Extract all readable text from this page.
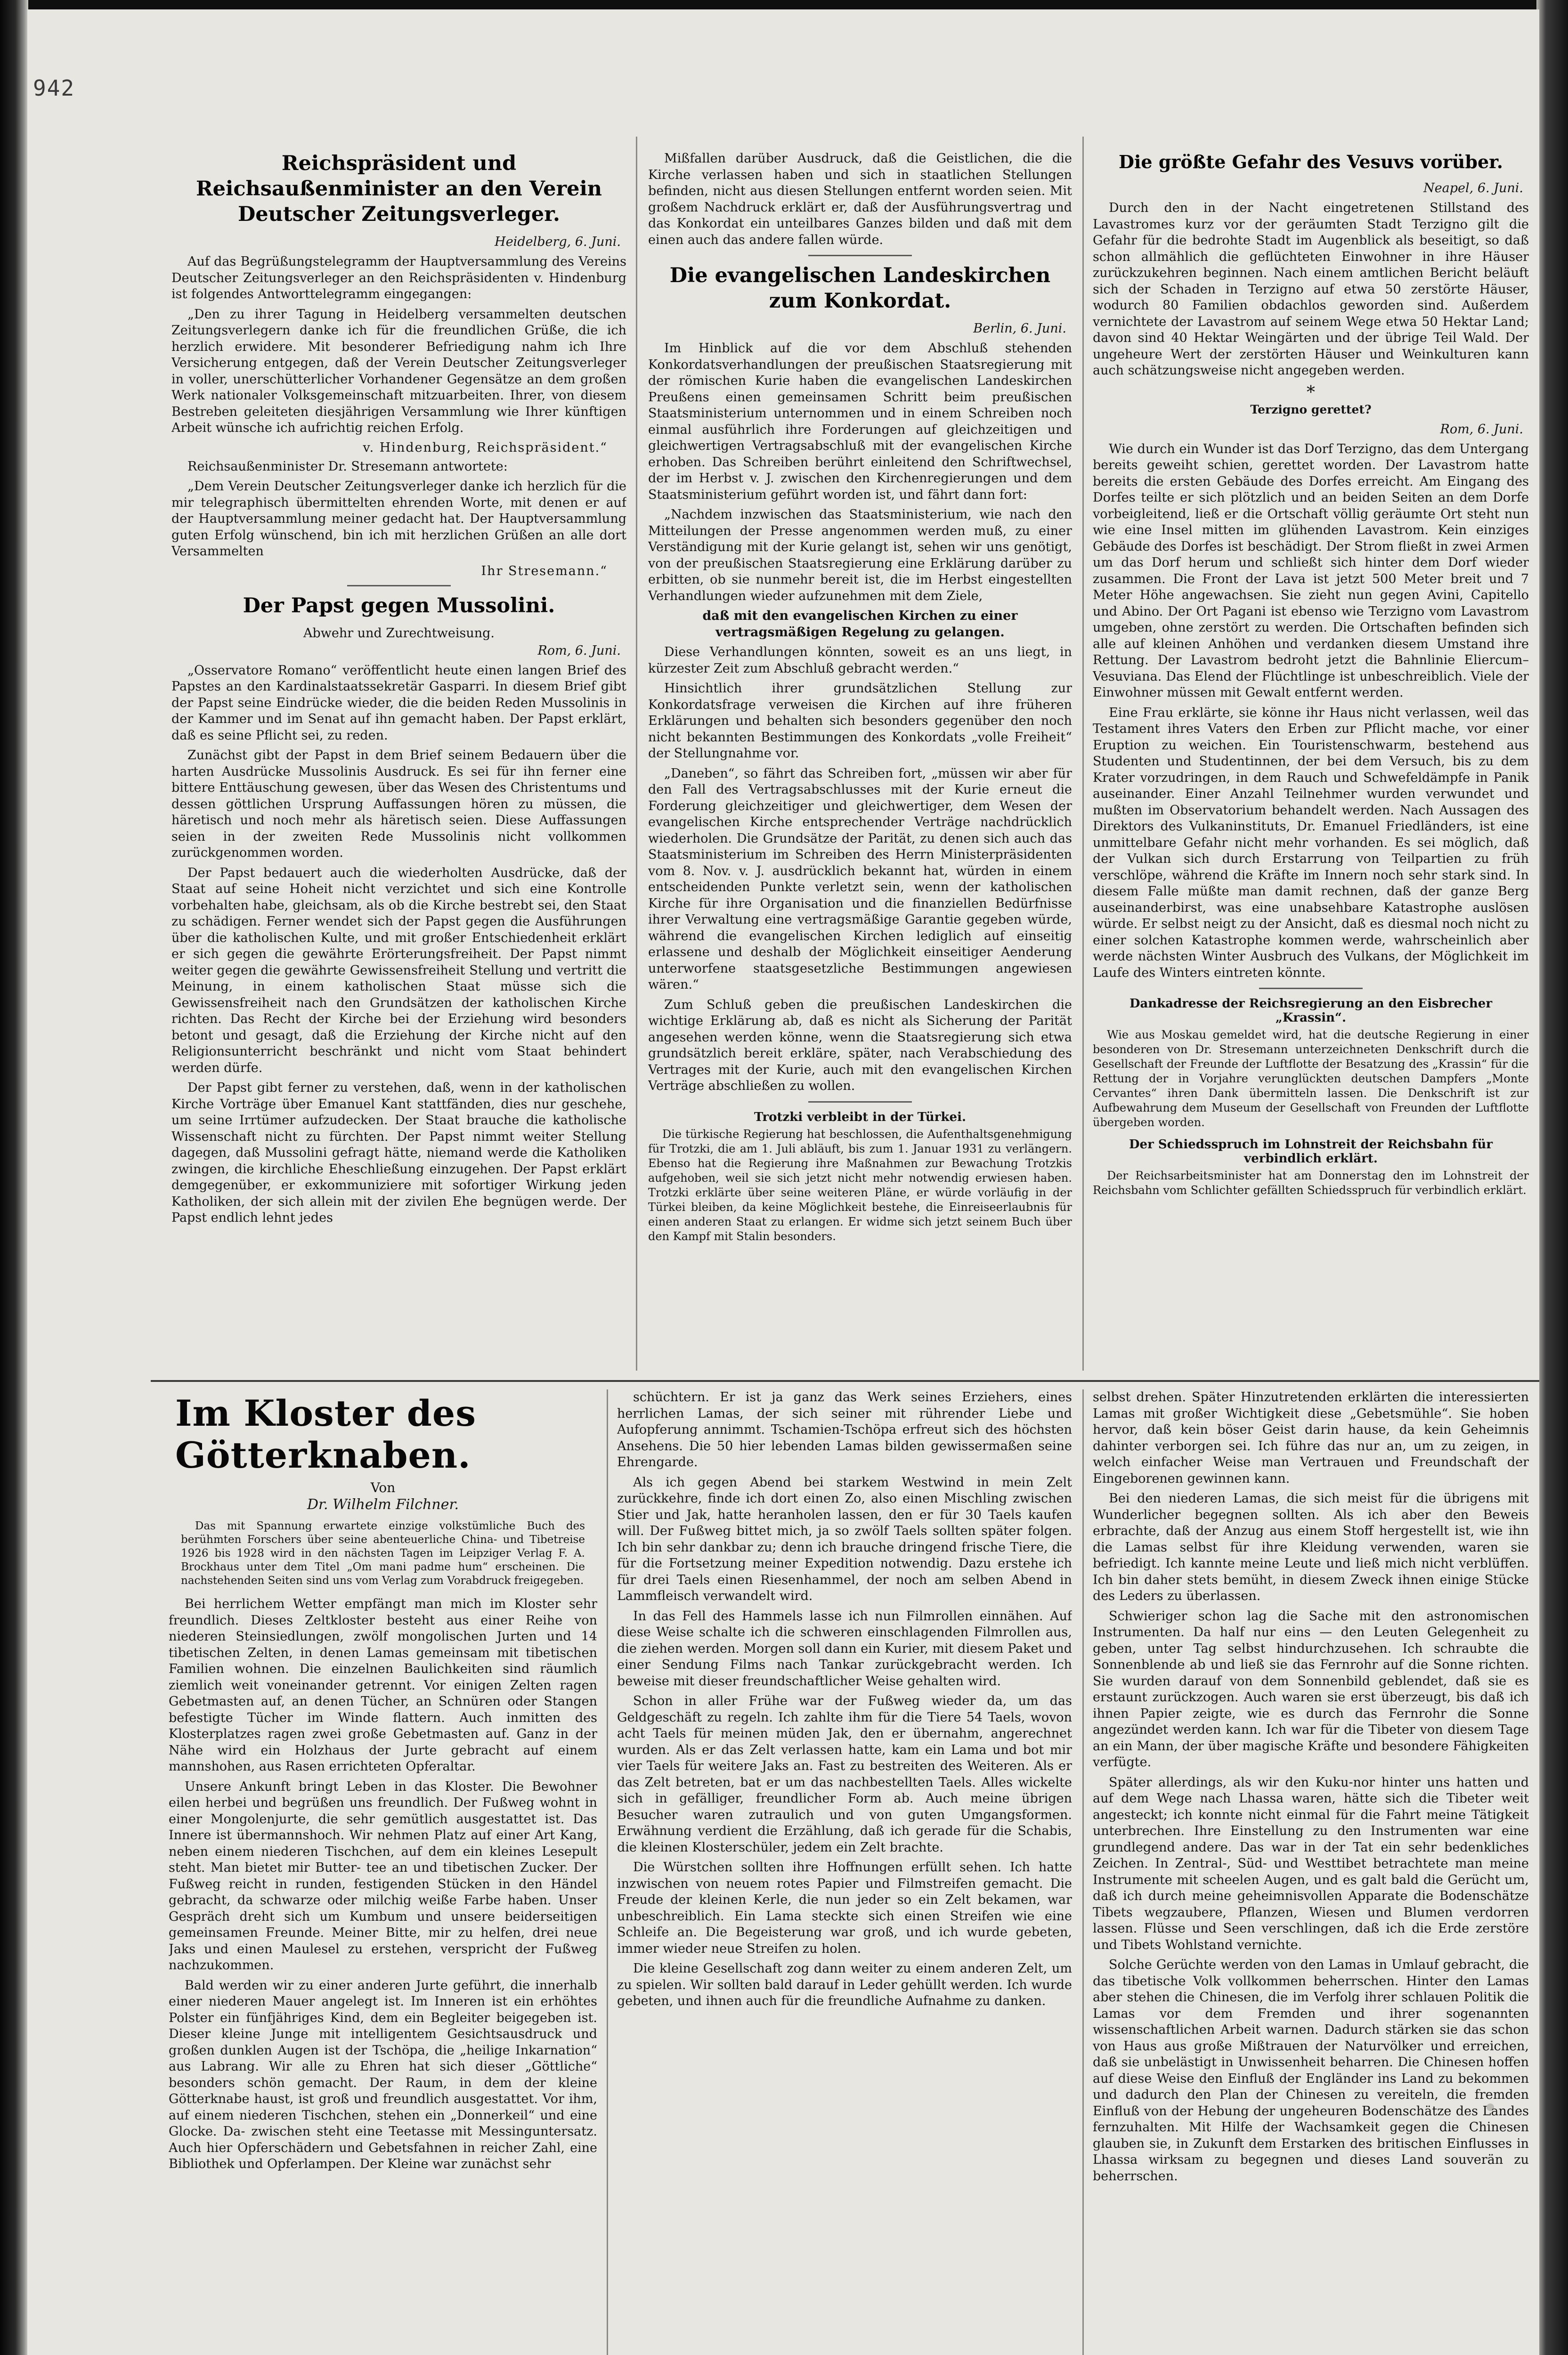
942
Reichspräsident und Reichsaußenminister an den Verein Deutscher Zeitungsverleger.
Heidelberg, 6. Juni.

Auf das Begrüßungstelegramm der Hauptversammlung des Vereins Deutscher Zeitungsverleger an den Reichspräsidenten v. Hindenburg ist folgendes Antworttelegramm eingegangen:

„Den zu ihrer Tagung in Heidelberg versammelten deutschen Zeitungsverlegern danke ich für die freundlichen Grüße, die ich herzlich erwidere. Mit besonderer Befriedigung nahm ich Ihre Versicherung entgegen, daß der Verein Deutscher Zeitungsverleger in voller, unerschütterlicher Vorhandener Gegensätze an dem großen Werk nationaler Volksgemeinschaft mitzuarbeiten. Ihrer, von diesem Bestreben geleiteten diesjährigen Versammlung wie Ihrer künftigen Arbeit wünsche ich aufrichtig reichen Erfolg.

v. Hindenburg, Reichspräsident.“

Reichsaußenminister Dr. Stresemann antwortete:

„Dem Verein Deutscher Zeitungsverleger danke ich herzlich für die mir telegraphisch übermittelten ehrenden Worte, mit denen er auf der Hauptversammlung meiner gedacht hat. Der Hauptversammlung guten Erfolg wünschend, bin ich mit herzlichen Grüßen an alle dort Versammelten

Ihr Stresemann.“
Der Papst gegen Mussolini.
Abwehr und Zurechtweisung.
Rom, 6. Juni.

„Osservatore Romano“ veröffentlicht heute einen langen Brief des Papstes an den Kardinalstaatssekretär Gasparri. In diesem Brief gibt der Papst seine Eindrücke wieder, die die beiden Reden Mussolinis in der Kammer und im Senat auf ihn gemacht haben. Der Papst erklärt, daß es seine Pflicht sei, zu reden.

Zunächst gibt der Papst in dem Brief seinem Bedauern über die harten Ausdrücke Mussolinis Ausdruck. Es sei für ihn ferner eine bittere Enttäuschung gewesen, über das Wesen des Christentums und dessen göttlichen Ursprung Auffassungen hören zu müssen, die häretisch und noch mehr als häretisch seien. Diese Auffassungen seien in der zweiten Rede Mussolinis nicht vollkommen zurückgenommen worden.

Der Papst bedauert auch die wiederholten Ausdrücke, daß der Staat auf seine Hoheit nicht verzichtet und sich eine Kontrolle vorbehalten habe, gleichsam, als ob die Kirche bestrebt sei, den Staat zu schädigen. Ferner wendet sich der Papst gegen die Ausführungen über die katholischen Kulte, und mit großer Entschiedenheit erklärt er sich gegen die gewährte Erörterungsfreiheit. Der Papst nimmt weiter gegen die gewährte Gewissensfreiheit Stellung und vertritt die Meinung, in einem katholischen Staat müsse sich die Gewissensfreiheit nach den Grundsätzen der katholischen Kirche richten. Das Recht der Kirche bei der Erziehung wird besonders betont und gesagt, daß die Erziehung der Kirche nicht auf den Religionsunterricht beschränkt und nicht vom Staat behindert werden dürfe.

Der Papst gibt ferner zu verstehen, daß, wenn in der katholischen Kirche Vorträge über Emanuel Kant stattfänden, dies nur geschehe, um seine Irrtümer aufzudecken. Der Staat brauche die katholische Wissenschaft nicht zu fürchten. Der Papst nimmt weiter Stellung dagegen, daß Mussolini gefragt hätte, niemand werde die Katholiken zwingen, die kirchliche Eheschließung einzugehen. Der Papst erklärt demgegenüber, er exkommuniziere mit sofortiger Wirkung jeden Katholiken, der sich allein mit der zivilen Ehe begnügen werde. Der Papst endlich lehnt jedes

Mißfallen darüber Ausdruck, daß die Geistlichen, die die Kirche verlassen haben und sich in staatlichen Stellungen befinden, nicht aus diesen Stellungen entfernt worden seien. Mit großem Nachdruck erklärt er, daß der Ausführungsvertrag und das Konkordat ein unteilbares Ganzes bilden und daß mit dem einen auch das andere fallen würde.

Die evangelischen Landeskirchen zum Konkordat.
Berlin, 6. Juni.

Im Hinblick auf die vor dem Abschluß stehenden Konkordatsverhandlungen der preußischen Staatsregierung mit der römischen Kurie haben die evangelischen Landeskirchen Preußens einen gemeinsamen Schritt beim preußischen Staatsministerium unternommen und in einem Schreiben noch einmal ausführlich ihre Forderungen auf gleichzeitigen und gleichwertigen Vertragsabschluß mit der evangelischen Kirche erhoben. Das Schreiben berührt einleitend den Schriftwechsel, der im Herbst v. J. zwischen den Kirchenregierungen und dem Staatsministerium geführt worden ist, und fährt dann fort:

„Nachdem inzwischen das Staatsministerium, wie nach den Mitteilungen der Presse angenommen werden muß, zu einer Verständigung mit der Kurie gelangt ist, sehen wir uns genötigt, von der preußischen Staatsregierung eine Erklärung darüber zu erbitten, ob sie nunmehr bereit ist, die im Herbst eingestellten Verhandlungen wieder aufzunehmen mit dem Ziele,

daß mit den evangelischen Kirchen zu einer vertragsmäßigen Regelung zu gelangen.

Diese Verhandlungen könnten, soweit es an uns liegt, in kürzester Zeit zum Abschluß gebracht werden.“

Hinsichtlich ihrer grundsätzlichen Stellung zur Konkordatsfrage verweisen die Kirchen auf ihre früheren Erklärungen und behalten sich besonders gegenüber den noch nicht bekannten Bestimmungen des Konkordats „volle Freiheit“ der Stellungnahme vor.

„Daneben“, so fährt das Schreiben fort, „müssen wir aber für den Fall des Vertragsabschlusses mit der Kurie erneut die Forderung gleichzeitiger und gleichwertiger, dem Wesen der evangelischen Kirche entsprechender Verträge nachdrücklich wiederholen. Die Grundsätze der Parität, zu denen sich auch das Staatsministerium im Schreiben des Herrn Ministerpräsidenten vom 8. Nov. v. J. ausdrücklich bekannt hat, würden in einem entscheidenden Punkte verletzt sein, wenn der katholischen Kirche für ihre Organisation und die finanziellen Bedürfnisse ihrer Verwaltung eine vertragsmäßige Garantie gegeben würde, während die evangelischen Kirchen lediglich auf einseitig erlassene und deshalb der Möglichkeit einseitiger Aenderung unterworfene staatsgesetzliche Bestimmungen angewiesen wären.“

Zum Schluß geben die preußischen Landeskirchen die wichtige Erklärung ab, daß es nicht als Sicherung der Parität angesehen werden könne, wenn die Staatsregierung sich etwa grundsätzlich bereit erkläre, später, nach Verabschiedung des Vertrages mit der Kurie, auch mit den evangelischen Kirchen Verträge abschließen zu wollen.

Trotzki verbleibt in der Türkei.

Die türkische Regierung hat beschlossen, die Aufenthaltsgenehmigung für Trotzki, die am 1. Juli abläuft, bis zum 1. Januar 1931 zu verlängern. Ebenso hat die Regierung ihre Maßnahmen zur Bewachung Trotzkis aufgehoben, weil sie sich jetzt nicht mehr notwendig erwiesen haben. Trotzki erklärte über seine weiteren Pläne, er würde vorläufig in der Türkei bleiben, da keine Möglichkeit bestehe, die Einreiseerlaubnis für einen anderen Staat zu erlangen. Er widme sich jetzt seinem Buch über den Kampf mit Stalin besonders.

Die größte Gefahr des Vesuvs vorüber.
Neapel, 6. Juni.

Durch den in der Nacht eingetretenen Stillstand des Lavastromes kurz vor der geräumten Stadt Terzigno gilt die Gefahr für die bedrohte Stadt im Augenblick als beseitigt, so daß schon allmählich die geflüchteten Einwohner in ihre Häuser zurückzukehren beginnen. Nach einem amtlichen Bericht beläuft sich der Schaden in Terzigno auf etwa 50 zerstörte Häuser, wodurch 80 Familien obdachlos geworden sind. Außerdem vernichtete der Lavastrom auf seinem Wege etwa 50 Hektar Land; davon sind 40 Hektar Weingärten und der übrige Teil Wald. Der ungeheure Wert der zerstörten Häuser und Weinkulturen kann auch schätzungsweise nicht angegeben werden.

*
Terzigno gerettet?
Rom, 6. Juni.

Wie durch ein Wunder ist das Dorf Terzigno, das dem Untergang bereits geweiht schien, gerettet worden. Der Lavastrom hatte bereits die ersten Gebäude des Dorfes erreicht. Am Eingang des Dorfes teilte er sich plötzlich und an beiden Seiten an dem Dorfe vorbeigleitend, ließ er die Ortschaft völlig geräumte Ort steht nun wie eine Insel mitten im glühenden Lavastrom. Kein einziges Gebäude des Dorfes ist beschädigt. Der Strom fließt in zwei Armen um das Dorf herum und schließt sich hinter dem Dorf wieder zusammen. Die Front der Lava ist jetzt 500 Meter breit und 7 Meter Höhe angewachsen. Sie zieht nun gegen Avini, Capitello und Abino. Der Ort Pagani ist ebenso wie Terzigno vom Lavastrom umgeben, ohne zerstört zu werden. Die Ortschaften befinden sich alle auf kleinen Anhöhen und verdanken diesem Umstand ihre Rettung. Der Lavastrom bedroht jetzt die Bahnlinie Eliercum–Vesuviana. Das Elend der Flüchtlinge ist unbeschreiblich. Viele der Einwohner müssen mit Gewalt entfernt werden.

Eine Frau erklärte, sie könne ihr Haus nicht verlassen, weil das Testament ihres Vaters den Erben zur Pflicht mache, vor einer Eruption zu weichen. Ein Touristenschwarm, bestehend aus Studenten und Studentinnen, der bei dem Versuch, bis zu dem Krater vorzudringen, in dem Rauch und Schwefeldämpfe in Panik auseinander. Einer Anzahl Teilnehmer wurden verwundet und mußten im Observatorium behandelt werden. Nach Aussagen des Direktors des Vulkaninstituts, Dr. Emanuel Friedländers, ist eine unmittelbare Gefahr nicht mehr vorhanden. Es sei möglich, daß der Vulkan sich durch Erstarrung von Teilpartien zu früh verschlöpe, während die Kräfte im Innern noch sehr stark sind. In diesem Falle müßte man damit rechnen, daß der ganze Berg auseinanderbirst, was eine unabsehbare Katastrophe auslösen würde. Er selbst neigt zu der Ansicht, daß es diesmal noch nicht zu einer solchen Katastrophe kommen werde, wahrscheinlich aber werde nächsten Winter Ausbruch des Vulkans, der Möglichkeit im Laufe des Winters eintreten könnte.

Dankadresse der Reichsregierung an den Eisbrecher „Krassin“.

Wie aus Moskau gemeldet wird, hat die deutsche Regierung in einer besonderen von Dr. Stresemann unterzeichneten Denkschrift durch die Gesellschaft der Freunde der Luftflotte der Besatzung des „Krassin“ für die Rettung der in Vorjahre verunglückten deutschen Dampfers „Monte Cervantes“ ihren Dank übermitteln lassen. Die Denkschrift ist zur Aufbewahrung dem Museum der Gesellschaft von Freunden der Luftflotte übergeben worden.

Der Schiedsspruch im Lohnstreit der Reichsbahn für verbindlich erklärt.

Der Reichsarbeitsminister hat am Donnerstag den im Lohnstreit der Reichsbahn vom Schlichter gefällten Schiedsspruch für verbindlich erklärt.

Im Kloster des Götterknaben.
Von
Dr. Wilhelm Filchner.

Das mit Spannung erwartete einzige volkstümliche Buch des berühmten Forschers über seine abenteuerliche China- und Tibetreise 1926 bis 1928 wird in den nächsten Tagen im Leipziger Verlag F. A. Brockhaus unter dem Titel „Om mani padme hum“ erscheinen. Die nachstehenden Seiten sind uns vom Verlag zum Vorabdruck freigegeben.

Bei herrlichem Wetter empfängt man mich im Kloster sehr freundlich. Dieses Zeltkloster besteht aus einer Reihe von niederen Steinsiedlungen, zwölf mongolischen Jurten und 14 tibetischen Zelten, in denen Lamas gemeinsam mit tibetischen Familien wohnen. Die einzelnen Baulichkeiten sind räumlich ziemlich weit voneinander getrennt. Vor einigen Zelten ragen Gebetmasten auf, an denen Tücher, an Schnüren oder Stangen befestigte Tücher im Winde flattern. Auch inmitten des Klosterplatzes ragen zwei große Gebetmasten auf. Ganz in der Nähe wird ein Holzhaus der Jurte gebracht auf einem mannshohen, aus Rasen errichteten Opferaltar.

Unsere Ankunft bringt Leben in das Kloster. Die Bewohner eilen herbei und begrüßen uns freundlich. Der Fußweg wohnt in einer Mongolenjurte, die sehr gemütlich ausgestattet ist. Das Innere ist übermannshoch. Wir nehmen Platz auf einer Art Kang, neben einem niederen Tischchen, auf dem ein kleines Lesepult steht. Man bietet mir Butter- tee an und tibetischen Zucker. Der Fußweg reicht in runden, festigenden Stücken in den Händel gebracht, da schwarze oder milchig weiße Farbe haben. Unser Gespräch dreht sich um Kumbum und unsere beiderseitigen gemeinsamen Freunde. Meiner Bitte, mir zu helfen, drei neue Jaks und einen Maulesel zu erstehen, verspricht der Fußweg nachzukommen.

Bald werden wir zu einer anderen Jurte geführt, die innerhalb einer niederen Mauer angelegt ist. Im Inneren ist ein erhöhtes Polster ein fünfjähriges Kind, dem ein Begleiter beigegeben ist. Dieser kleine Junge mit intelligentem Gesichtsausdruck und großen dunklen Augen ist der Tschöpa, die „heilige Inkarnation“ aus Labrang. Wir alle zu Ehren hat sich dieser „Göttliche“ besonders schön gemacht. Der Raum, in dem der kleine Götterknabe haust, ist groß und freundlich ausgestattet. Vor ihm, auf einem niederen Tischchen, stehen ein „Donnerkeil“ und eine Glocke. Da- zwischen steht eine Teetasse mit Messinguntersatz. Auch hier Opferschädern und Gebetsfahnen in reicher Zahl, eine Bibliothek und Opferlampen. Der Kleine war zunächst sehr

schüchtern. Er ist ja ganz das Werk seines Erziehers, eines herrlichen Lamas, der sich seiner mit rührender Liebe und Aufopferung annimmt. Tschamien-Tschöpa erfreut sich des höchsten Ansehens. Die 50 hier lebenden Lamas bilden gewissermaßen seine Ehrengarde.

Als ich gegen Abend bei starkem Westwind in mein Zelt zurückkehre, finde ich dort einen Zo, also einen Mischling zwischen Stier und Jak, hatte heranholen lassen, den er für 30 Taels kaufen will. Der Fußweg bittet mich, ja so zwölf Taels sollten später folgen. Ich bin sehr dankbar zu; denn ich brauche dringend frische Tiere, die für die Fortsetzung meiner Expedition notwendig. Dazu erstehe ich für drei Taels einen Riesenhammel, der noch am selben Abend in Lammfleisch verwandelt wird.

In das Fell des Hammels lasse ich nun Filmrollen einnähen. Auf diese Weise schalte ich die schweren einschlagenden Filmrollen aus, die ziehen werden. Morgen soll dann ein Kurier, mit diesem Paket und einer Sendung Films nach Tankar zurückgebracht werden. Ich beweise mit dieser freundschaftlicher Weise gehalten wird.

Schon in aller Frühe war der Fußweg wieder da, um das Geldgeschäft zu regeln. Ich zahlte ihm für die Tiere 54 Taels, wovon acht Taels für meinen müden Jak, den er übernahm, angerechnet wurden. Als er das Zelt verlassen hatte, kam ein Lama und bot mir vier Taels für weitere Jaks an. Fast zu bestreiten des Weiteren. Als er das Zelt betreten, bat er um das nachbestellten Taels. Alles wickelte sich in gefälliger, freundlicher Form ab. Auch meine übrigen Besucher waren zutraulich und von guten Umgangsformen. Erwähnung verdient die Erzählung, daß ich gerade für die Schabis, die kleinen Klosterschüler, jedem ein Zelt brachte.

Die Würstchen sollten ihre Hoffnungen erfüllt sehen. Ich hatte inzwischen von neuem rotes Papier und Filmstreifen gemacht. Die Freude der kleinen Kerle, die nun jeder so ein Zelt bekamen, war unbeschreiblich. Ein Lama steckte sich einen Streifen wie eine Schleife an. Die Begeisterung war groß, und ich wurde gebeten, immer wieder neue Streifen zu holen.

Die kleine Gesellschaft zog dann weiter zu einem anderen Zelt, um zu spielen. Wir sollten bald darauf in Leder gehüllt werden. Ich wurde gebeten, und ihnen auch für die freundliche Aufnahme zu danken.

selbst drehen. Später Hinzutretenden erklärten die interessierten Lamas mit großer Wichtigkeit diese „Gebetsmühle“. Sie hoben hervor, daß kein böser Geist darin hause, da kein Geheimnis dahinter verborgen sei. Ich führe das nur an, um zu zeigen, in welch einfacher Weise man Vertrauen und Freundschaft der Eingeborenen gewinnen kann.

Bei den niederen Lamas, die sich meist für die übrigens mit Wunderlicher begegnen sollten. Als ich aber den Beweis erbrachte, daß der Anzug aus einem Stoff hergestellt ist, wie ihn die Lamas selbst für ihre Kleidung verwenden, waren sie befriedigt. Ich kannte meine Leute und ließ mich nicht verblüffen. Ich bin daher stets bemüht, in diesem Zweck ihnen einige Stücke des Leders zu überlassen.

Schwieriger schon lag die Sache mit den astronomischen Instrumenten. Da half nur eins — den Leuten Gelegenheit zu geben, unter Tag selbst hindurchzusehen. Ich schraubte die Sonnenblende ab und ließ sie das Fernrohr auf die Sonne richten. Sie wurden darauf von dem Sonnenbild geblendet, daß sie es erstaunt zurückzogen. Auch waren sie erst überzeugt, bis daß ich ihnen Papier zeigte, wie es durch das Fernrohr die Sonne angezündet werden kann. Ich war für die Tibeter von diesem Tage an ein Mann, der über magische Kräfte und besondere Fähigkeiten verfügte.

Später allerdings, als wir den Kuku-nor hinter uns hatten und auf dem Wege nach Lhassa waren, hätte sich die Tibeter weit angesteckt; ich konnte nicht einmal für die Fahrt meine Tätigkeit unterbrechen. Ihre Einstellung zu den Instrumenten war eine grundlegend andere. Das war in der Tat ein sehr bedenkliches Zeichen. In Zentral-, Süd- und Westtibet betrachtete man meine Instrumente mit scheelen Augen, und es galt bald die Gerücht um, daß ich durch meine geheimnisvollen Apparate die Bodenschätze Tibets wegzaubere, Pflanzen, Wiesen und Blumen verdorren lassen. Flüsse und Seen verschlingen, daß ich die Erde zerstöre und Tibets Wohlstand vernichte.

Solche Gerüchte werden von den Lamas in Umlauf gebracht, die das tibetische Volk vollkommen beherrschen. Hinter den Lamas aber stehen die Chinesen, die im Verfolg ihrer schlauen Politik die Lamas vor dem Fremden und ihrer sogenannten wissenschaftlichen Arbeit warnen. Dadurch stärken sie das schon von Haus aus große Mißtrauen der Naturvölker und erreichen, daß sie unbelästigt in Unwissenheit beharren. Die Chinesen hoffen auf diese Weise den Einfluß der Engländer ins Land zu bekommen und dadurch den Plan der Chinesen zu vereiteln, die fremden Einfluß von der Hebung der ungeheuren Bodenschätze des Landes fernzuhalten. Mit Hilfe der Wachsamkeit gegen die Chinesen glauben sie, in Zukunft dem Erstarken des britischen Einflusses in Lhassa wirksam zu begegnen und dieses Land souverän zu beherrschen.
